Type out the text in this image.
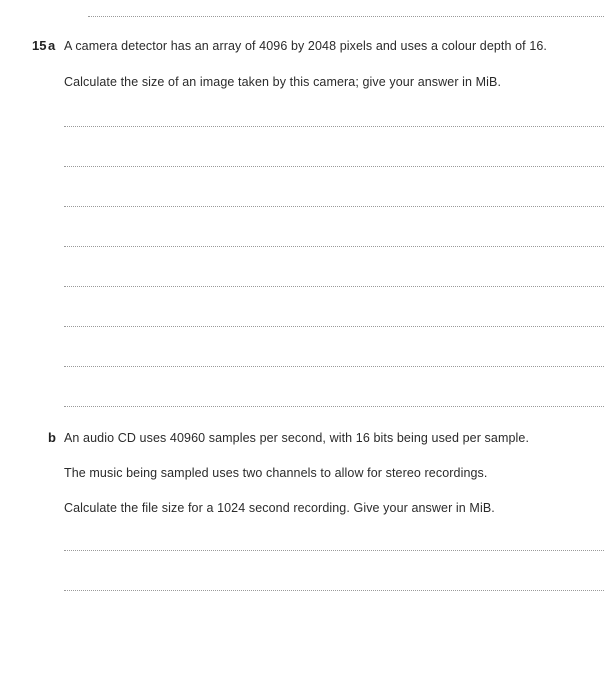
15 a A camera detector has an array of 4096 by 2048 pixels and uses a colour depth of 16.
Calculate the size of an image taken by this camera; give your answer in MiB.
b An audio CD uses 40960 samples per second, with 16 bits being used per sample.
The music being sampled uses two channels to allow for stereo recordings.
Calculate the file size for a 1024 second recording. Give your answer in MiB.
